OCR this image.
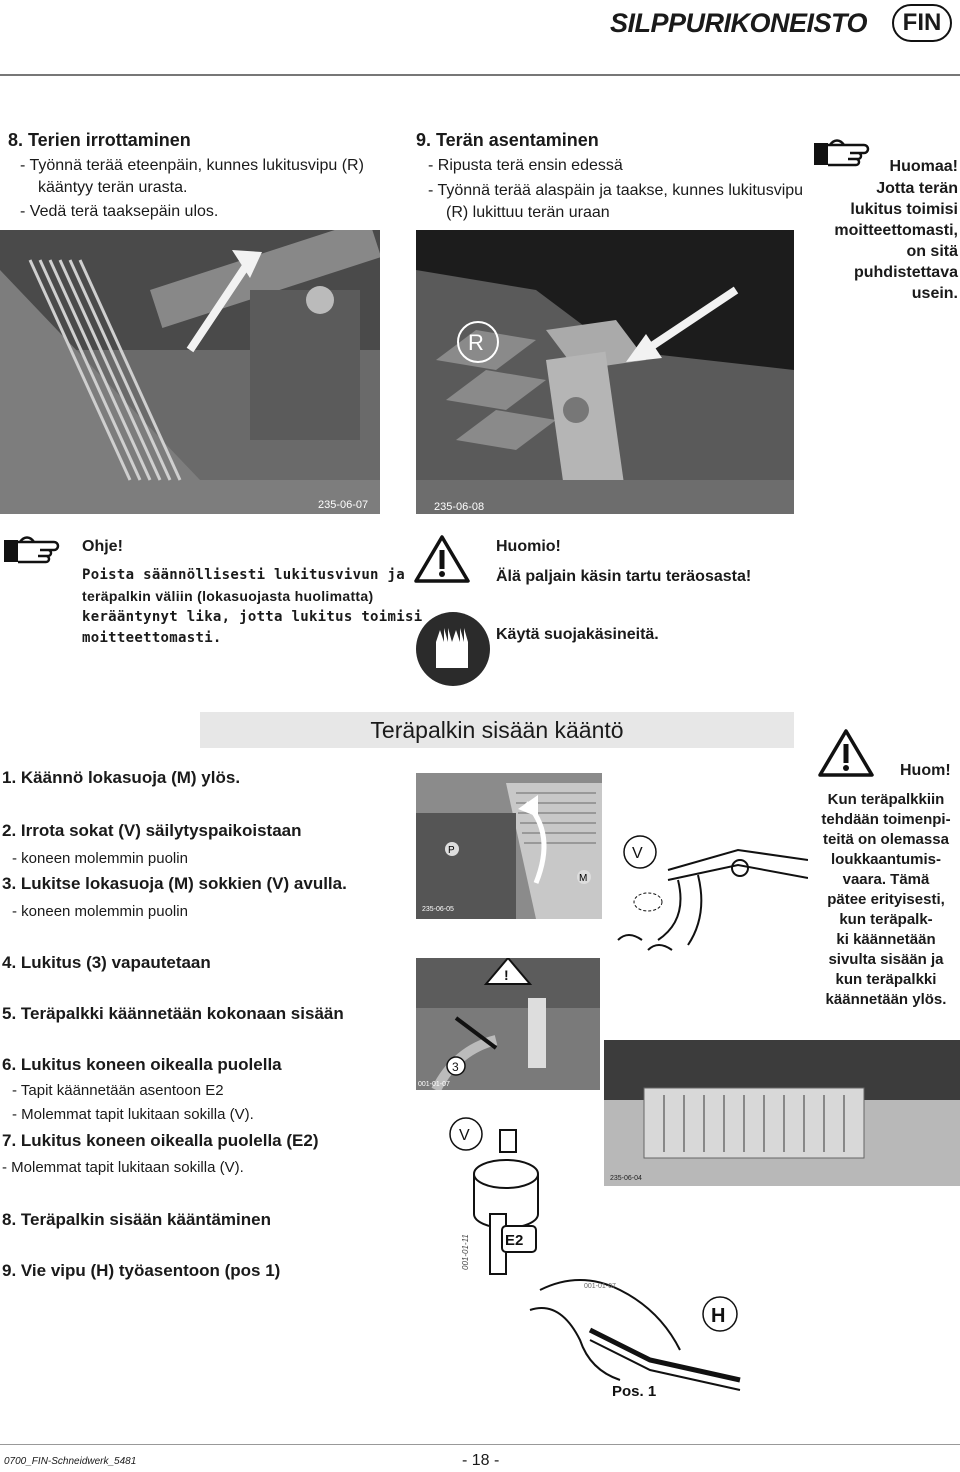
SILPPURIKONEISTO	FIN
8. Terien irrottaminen
- Työnnä terää eteenpäin, kunnes lukitusvipu (R)
kääntyy terän urasta.
- Vedä terä taaksepäin ulos.
9. Terän asentaminen
- Ripusta terä ensin edessä
- Työnnä terää alaspäin ja taakse, kunnes lukitusvipu
(R) lukittuu terän uraan
Huomaa!
Jotta terän
lukitus toimisi
moitteettomasti,
on sitä
puhdistettava
usein.
235-06-07
R
235-06-08
Ohje!
Poista säännöllisesti lukitusvivun ja
teräpalkin väliin (lokasuojasta huolimatta)
kerääntynyt lika, jotta lukitus toimisi
moitteettomasti.
Huomio!
Älä paljain käsin tartu teräosasta!
Käytä suojakäsineitä.
Teräpalkin sisään kääntö
1. Käännö lokasuoja (M) ylös.
2. Irrota sokat (V) säilytyspaikoistaan
- koneen molemmin puolin
3. Lukitse lokasuoja (M) sokkien (V) avulla.
- koneen molemmin puolin
4. Lukitus (3) vapautetaan
5. Teräpalkki käännetään kokonaan sisään
6. Lukitus koneen oikealla puolella
- Tapit käännetään asentoon E2
- Molemmat tapit lukitaan sokilla (V).
7. Lukitus koneen oikealla puolella (E2)
- Molemmat tapit lukitaan sokilla (V).
8. Teräpalkin sisään kääntäminen
9. Vie vipu (H) työasentoon (pos 1)
P
M
235-06-05
V
Huom!
Kun teräpalkkiin
tehdään toimenpi-
teitä on olemassa
loukkaantumis-
vaara. Tämä
pätee erityisesti,
kun teräpalk-
ki käännetään
sivulta sisään ja
kun teräpalkki
käännetään ylös.
!
3
001-01-07
235-06-04
V
E2
001-01-11
H
Pos. 1
001-01-07
0700_FIN-Schneidwerk_5481	- 18 -
